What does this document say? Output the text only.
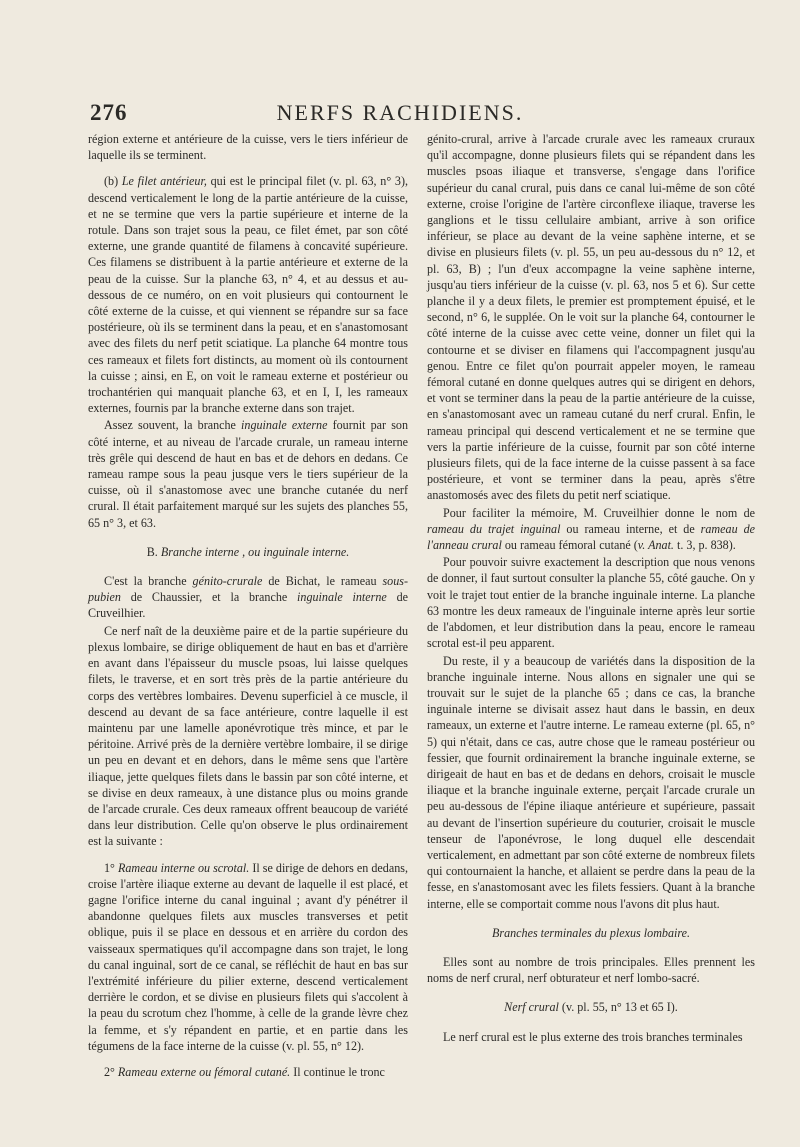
276	NERFS RACHIDIENS.

région externe et antérieure de la cuisse, vers le tiers inférieur de laquelle ils se terminent.

(b) Le filet antérieur, qui est le principal filet (v. pl. 63, n° 3), descend verticalement le long de la partie antérieure de la cuisse, et ne se termine que vers la partie supérieure et interne de la rotule. Dans son trajet sous la peau, ce filet émet, par son côté externe, une grande quantité de filamens à concavité supérieure. Ces filamens se distribuent à la partie antérieure et externe de la peau de la cuisse. Sur la planche 63, n° 4, et au dessus et au-dessous de ce numéro, on en voit plusieurs qui contournent le côté externe de la cuisse, et qui viennent se répandre sur sa face postérieure, où ils se terminent dans la peau, et en s'anastomosant avec des filets du nerf petit sciatique. La planche 64 montre tous ces rameaux et filets fort distincts, au moment où ils contournent la cuisse ; ainsi, en E, on voit le rameau externe et postérieur ou trochantérien qui manquait planche 63, et en I, I, les rameaux externes, fournis par la branche externe dans son trajet.

Assez souvent, la branche inguinale externe fournit par son côté interne, et au niveau de l'arcade crurale, un rameau interne très grêle qui descend de haut en bas et de dehors en dedans. Ce rameau rampe sous la peau jusque vers le tiers supérieur de la cuisse, où il s'anastomose avec une branche cutanée du nerf crural. Il était parfaitement marqué sur les sujets des planches 55, 65 n° 3, et 63.

B. Branche interne , ou inguinale interne.

C'est la branche génito-crurale de Bichat, le rameau sous-pubien de Chaussier, et la branche inguinale interne de Cruveilhier.

Ce nerf naît de la deuxième paire et de la partie supérieure du plexus lombaire, se dirige obliquement de haut en bas et d'arrière en avant dans l'épaisseur du muscle psoas, lui laisse quelques filets, le traverse, et en sort très près de la partie antérieure du corps des vertèbres lombaires. Devenu superficiel à ce muscle, il descend au devant de sa face antérieure, contre laquelle il est maintenu par une lamelle aponévrotique très mince, et par le péritoine. Arrivé près de la dernière vertèbre lombaire, il se dirige un peu en devant et en dehors, dans le même sens que l'artère iliaque, jette quelques filets dans le bassin par son côté interne, et se divise en deux rameaux, à une distance plus ou moins grande de l'arcade crurale. Ces deux rameaux offrent beaucoup de variété dans leur distribution. Celle qu'on observe le plus ordinairement est la suivante :

1° Rameau interne ou scrotal. Il se dirige de dehors en dedans, croise l'artère iliaque externe au devant de laquelle il est placé, et gagne l'orifice interne du canal inguinal ; avant d'y pénétrer il abandonne quelques filets aux muscles transverses et petit oblique, puis il se place en dessous et en arrière du cordon des vaisseaux spermatiques qu'il accompagne dans son trajet, le long du canal inguinal, sort de ce canal, se réfléchit de haut en bas sur l'extrémité inférieure du pilier externe, descend verticalement derrière le cordon, et se divise en plusieurs filets qui s'accolent à la peau du scrotum chez l'homme, à celle de la grande lèvre chez la femme, et s'y répandent en partie, et en partie dans les tégumens de la face interne de la cuisse (v. pl. 55, n° 12).

2° Rameau externe ou fémoral cutané. Il continue le tronc

génito-crural, arrive à l'arcade crurale avec les rameaux cruraux qu'il accompagne, donne plusieurs filets qui se répandent dans les muscles psoas iliaque et transverse, s'engage dans l'orifice supérieur du canal crural, puis dans ce canal lui-même de son côté externe, croise l'origine de l'artère circonflexe iliaque, traverse les ganglions et le tissu cellulaire ambiant, arrive à son orifice inférieur, se place au devant de la veine saphène interne, et se divise en plusieurs filets (v. pl. 55, un peu au-dessous du n° 12, et pl. 63, B) ; l'un d'eux accompagne la veine saphène interne, jusqu'au tiers inférieur de la cuisse (v. pl. 63, nos 5 et 6). Sur cette planche il y a deux filets, le premier est promptement épuisé, et le second, n° 6, le supplée. On le voit sur la planche 64, contourner le côté interne de la cuisse avec cette veine, donner un filet qui la contourne et se diviser en filamens qui l'accompagnent jusqu'au genou. Entre ce filet qu'on pourrait appeler moyen, le rameau fémoral cutané en donne quelques autres qui se dirigent en dehors, et vont se terminer dans la peau de la partie antérieure de la cuisse, en s'anastomosant avec un rameau cutané du nerf crural. Enfin, le rameau principal qui descend verticalement et ne se termine que vers la partie inférieure de la cuisse, fournit par son côté interne plusieurs filets, qui de la face interne de la cuisse passent à sa face postérieure, et vont se terminer dans la peau, après s'être anastomosés avec des filets du petit nerf sciatique.

Pour faciliter la mémoire, M. Cruveilhier donne le nom de rameau du trajet inguinal ou rameau interne, et de rameau de l'anneau crural ou rameau fémoral cutané (v. Anat. t. 3, p. 838).

Pour pouvoir suivre exactement la description que nous venons de donner, il faut surtout consulter la planche 55, côté gauche. On y voit le trajet tout entier de la branche inguinale interne. La planche 63 montre les deux rameaux de l'inguinale interne après leur sortie de l'abdomen, et leur distribution dans la peau, encore le rameau scrotal est-il peu apparent.

Du reste, il y a beaucoup de variétés dans la disposition de la branche inguinale interne. Nous allons en signaler une qui se trouvait sur le sujet de la planche 65 ; dans ce cas, la branche inguinale interne se divisait assez haut dans le bassin, en deux rameaux, un externe et l'autre interne. Le rameau externe (pl. 65, n° 5) qui n'était, dans ce cas, autre chose que le rameau postérieur ou fessier, que fournit ordinairement la branche inguinale externe, se dirigeait de haut en bas et de dedans en dehors, croisait le muscle iliaque et la branche inguinale externe, perçait l'arcade crurale un peu au-dessous de l'épine iliaque antérieure et supérieure, passait au devant de l'insertion supérieure du couturier, croisait le muscle tenseur de l'aponévrose, le long duquel elle descendait verticalement, en admettant par son côté externe de nombreux filets qui contournaient la hanche, et allaient se perdre dans la peau de la fesse, en s'anastomosant avec les filets fessiers. Quant à la branche interne, elle se comportait comme nous l'avons dit plus haut.

Branches terminales du plexus lombaire.

Elles sont au nombre de trois principales. Elles prennent les noms de nerf crural, nerf obturateur et nerf lombo-sacré.

Nerf crural (v. pl. 55, n° 13 et 65 I).

Le nerf crural est le plus externe des trois branches terminales
